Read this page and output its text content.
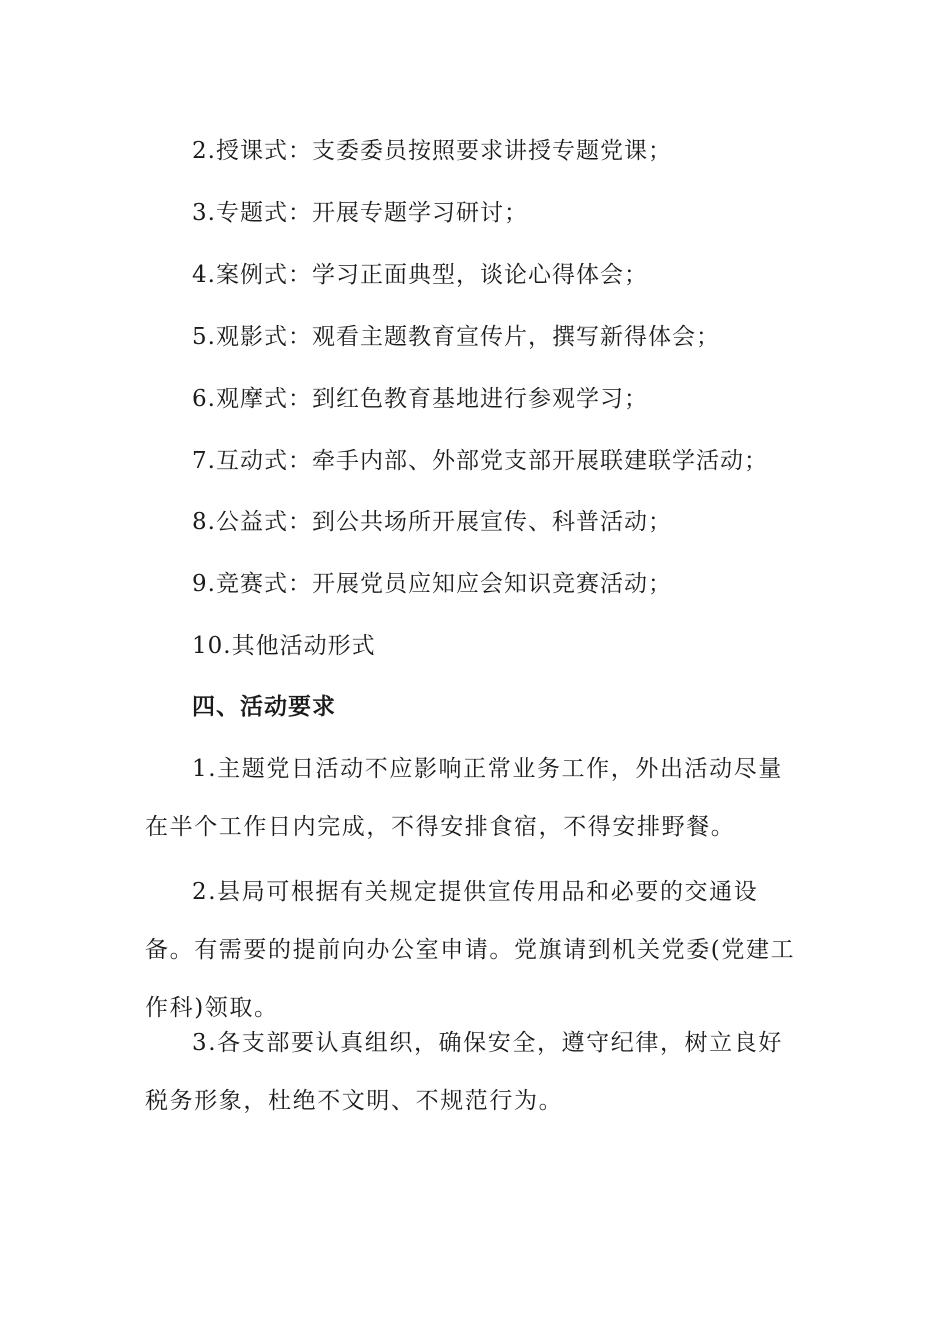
2.授课式：支委委员按照要求讲授专题党课；
3.专题式：开展专题学习研讨；
4.案例式：学习正面典型，谈论心得体会；
5.观影式：观看主题教育宣传片，撰写新得体会；
6.观摩式：到红色教育基地进行参观学习；
7.互动式：牵手内部、外部党支部开展联建联学活动；
8.公益式：到公共场所开展宣传、科普活动；
9.竞赛式：开展党员应知应会知识竞赛活动；
10.其他活动形式
四、活动要求

1.主题党日活动不应影响正常业务工作，外出活动尽量在半个工作日内完成，不得安排食宿，不得安排野餐。

2.县局可根据有关规定提供宣传用品和必要的交通设备。有需要的提前向办公室申请。党旗请到机关党委(党建工作科)领取。

3.各支部要认真组织，确保安全，遵守纪律，树立良好税务形象，杜绝不文明、不规范行为。
